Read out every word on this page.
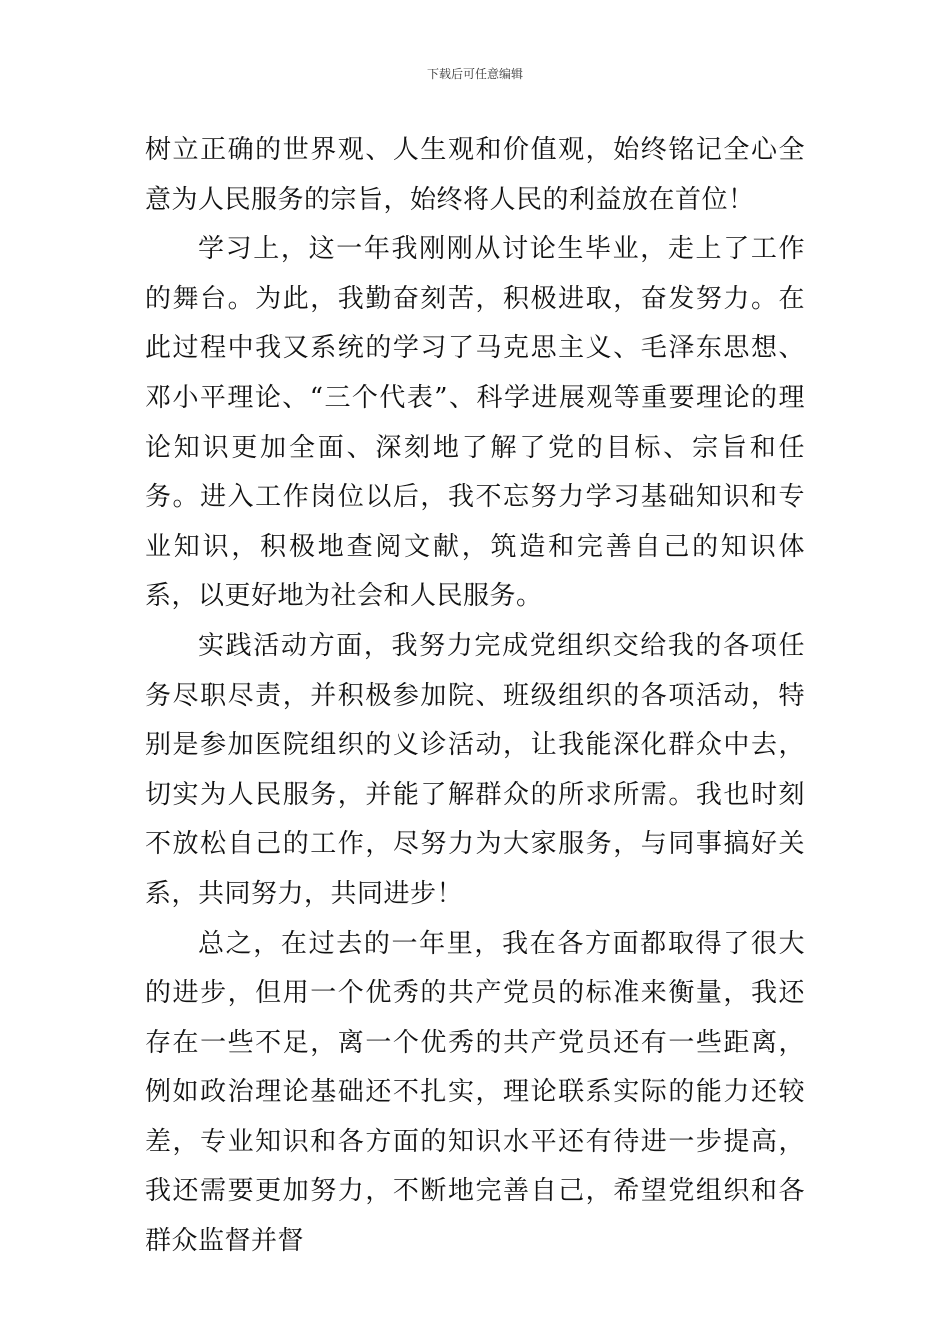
下载后可任意编辑

树立正确的世界观、人生观和价值观，始终铭记全心全意为人民服务的宗旨，始终将人民的利益放在首位！

学习上，这一年我刚刚从讨论生毕业，走上了工作的舞台。为此，我勤奋刻苦，积极进取，奋发努力。在此过程中我又系统的学习了马克思主义、毛泽东思想、邓小平理论、“三个代表”、科学进展观等重要理论的理论知识更加全面、深刻地了解了党的目标、宗旨和任务。进入工作岗位以后，我不忘努力学习基础知识和专业知识，积极地查阅文献，筑造和完善自己的知识体系，以更好地为社会和人民服务。

实践活动方面，我努力完成党组织交给我的各项任务尽职尽责，并积极参加院、班级组织的各项活动，特别是参加医院组织的义诊活动，让我能深化群众中去，切实为人民服务，并能了解群众的所求所需。我也时刻不放松自己的工作，尽努力为大家服务，与同事搞好关系，共同努力，共同进步！

总之，在过去的一年里，我在各方面都取得了很大的进步，但用一个优秀的共产党员的标准来衡量，我还存在一些不足，离一个优秀的共产党员还有一些距离，例如政治理论基础还不扎实，理论联系实际的能力还较差，专业知识和各方面的知识水平还有待进一步提高，我还需要更加努力，不断地完善自己，希望党组织和各群众监督并督
